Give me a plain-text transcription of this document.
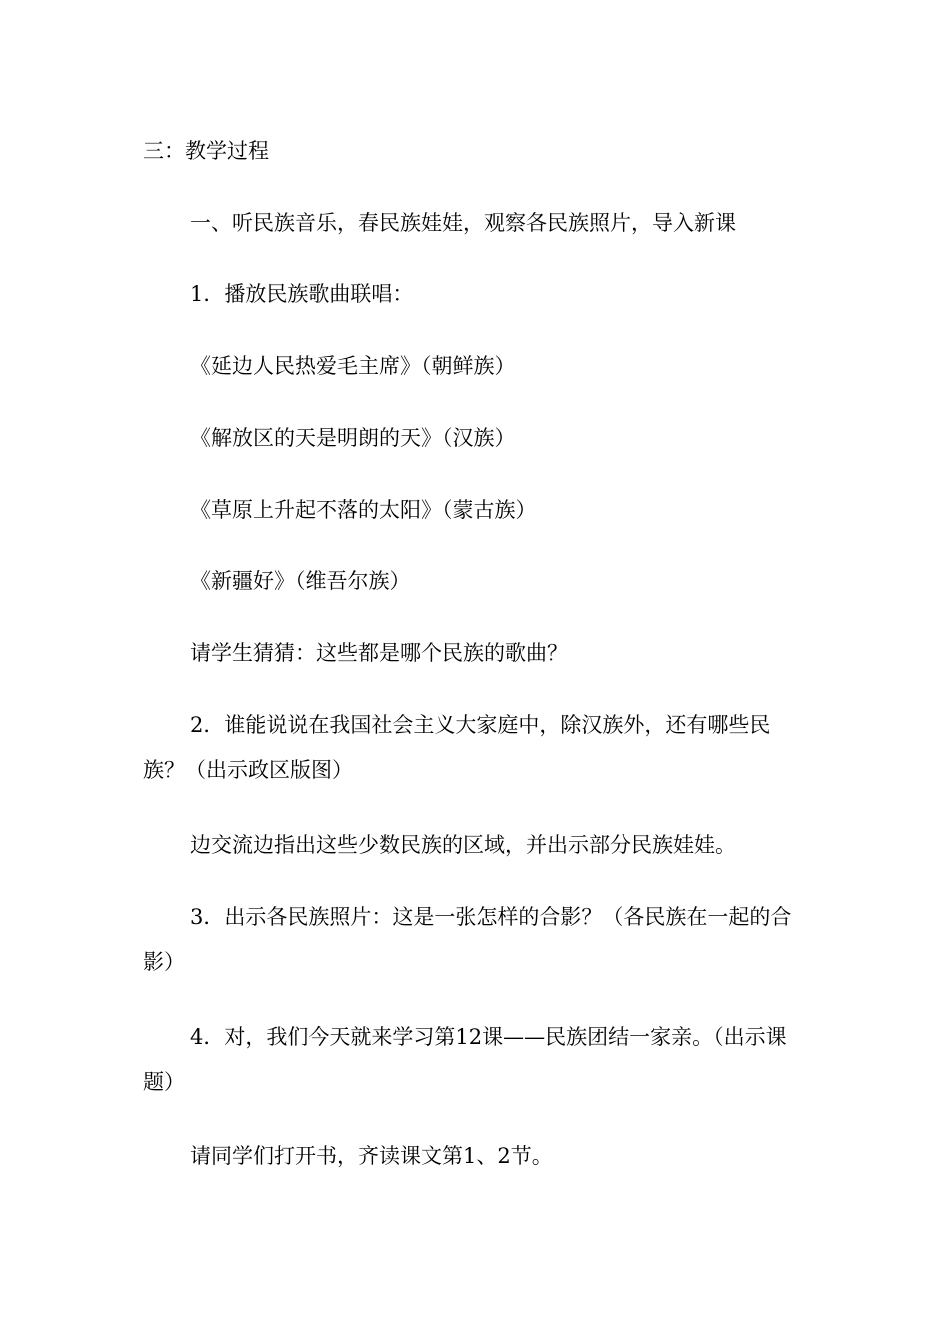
三：教学过程

一、听民族音乐，春民族娃娃，观察各民族照片，导入新课

1．播放民族歌曲联唱：

《延边人民热爱毛主席》（朝鲜族）

《解放区的天是明朗的天》（汉族）

《草原上升起不落的太阳》（蒙古族）

《新疆好》（维吾尔族）

请学生猜猜：这些都是哪个民族的歌曲？

2．谁能说说在我国社会主义大家庭中，除汉族外，还有哪些民族？（出示政区版图）

边交流边指出这些少数民族的区域，并出示部分民族娃娃。

3．出示各民族照片：这是一张怎样的合影？（各民族在一起的合影）

4．对，我们今天就来学习第12课——民族团结一家亲。（出示课题）

请同学们打开书，齐读课文第1、2节。
